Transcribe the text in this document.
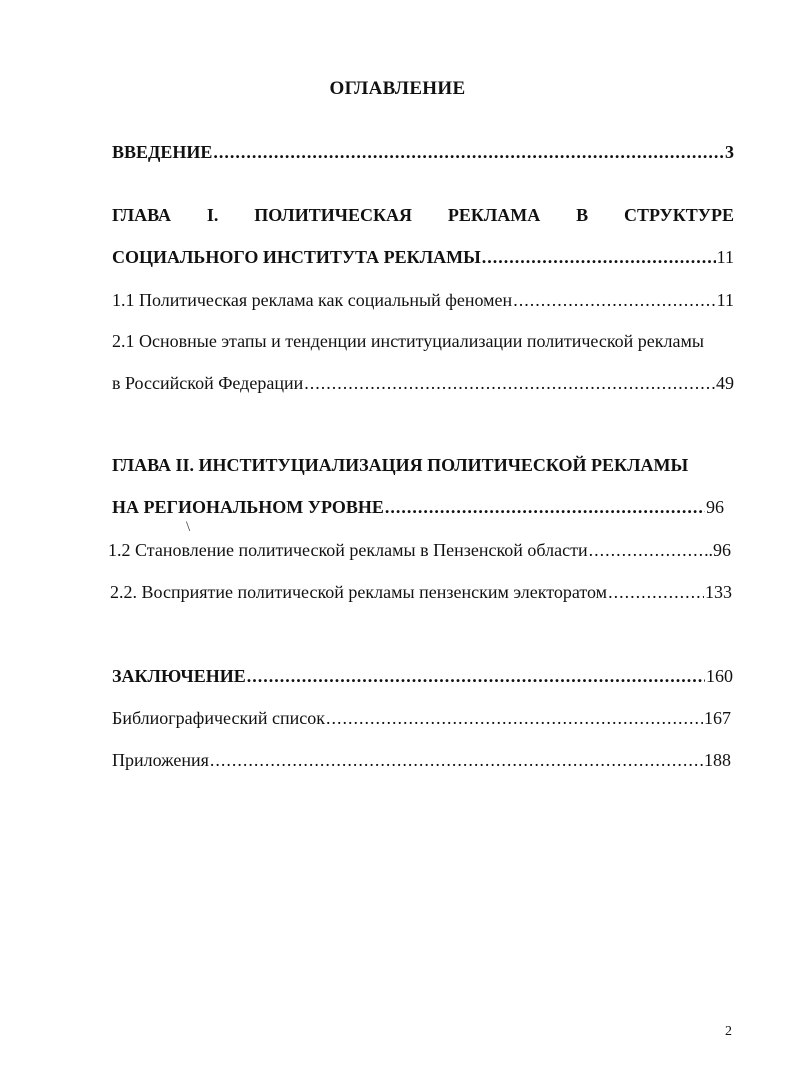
ОГЛАВЛЕНИЕ
ВВЕДЕНИЕ .....	3
ГЛАВА I. ПОЛИТИЧЕСКАЯ РЕКЛАМА В СТРУКТУРЕ
СОЦИАЛЬНОГО ИНСТИТУТА РЕКЛАМЫ .....	11
1.1 Политическая реклама как социальный феномен .....	11
2.1 Основные этапы и тенденции институциализации политической рекламы
в Российской Федерации .....	49
ГЛАВА II. ИНСТИТУЦИАЛИЗАЦИЯ ПОЛИТИЧЕСКОЙ РЕКЛАМЫ
НА РЕГИОНАЛЬНОМ УРОВНЕ .....	96
\
1.2 Становление политической рекламы в Пензенской области .....	.96
2.2. Восприятие политической рекламы пензенским электоратом .....	133
ЗАКЛЮЧЕНИЕ .....	160
Библиографический список .....	167
Приложения .....	188
2
